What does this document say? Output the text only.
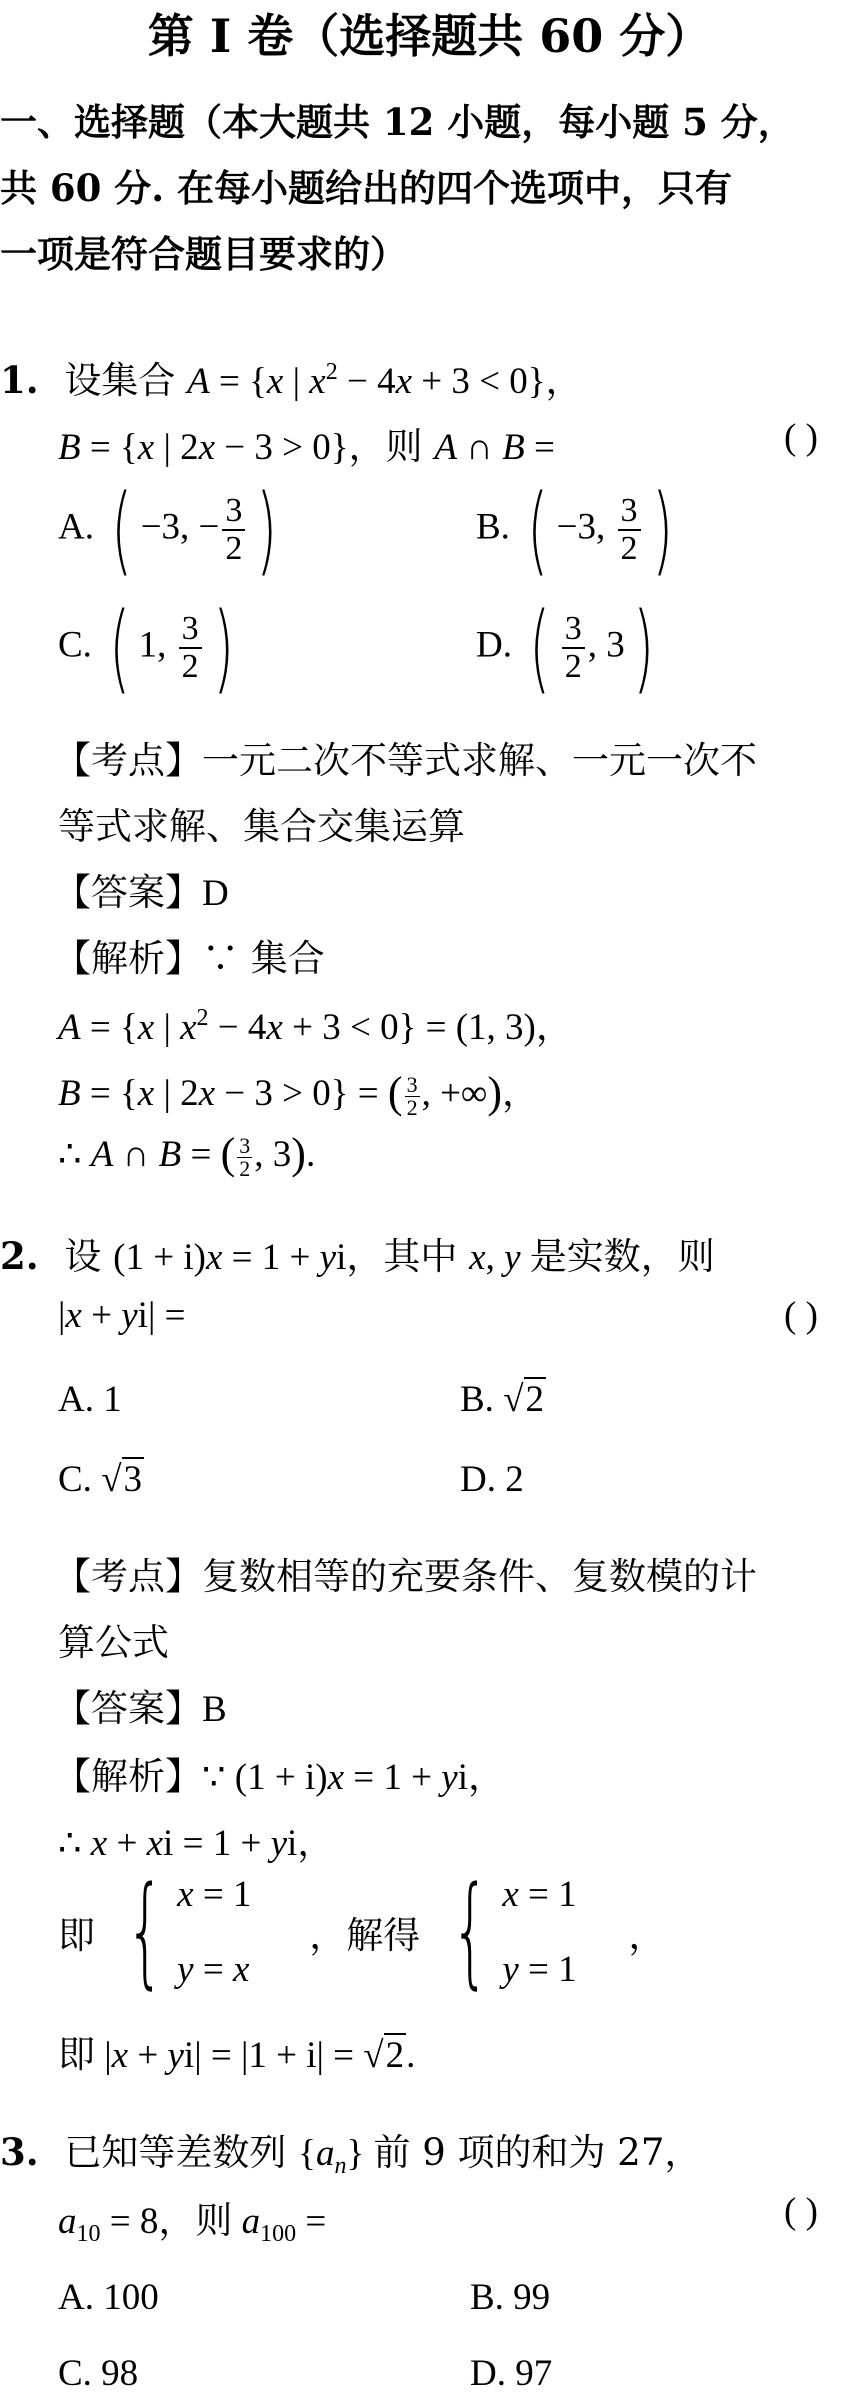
第 I 卷（选择题共 60 分）
一、选择题（本大题共 12 小题，每小题 5 分，
共 60 分. 在每小题给出的四个选项中，只有
一项是符合题目要求的）
1. 设集合 A = {x | $x^2 - 4x + 3 < 0$}，
B = {x | 2x − 3 > 0}，则 A ∩ B =	( )
A. ( −3, − $\frac{3}{2}$ )	B. ( −3, $\frac{3}{2}$ )
C. ( 1, $\frac{3}{2}$ )	D. ( $\frac{3}{2}$ , 3)
【考点】一元二次不等式求解、一元一次不
等式求解、集合交集运算
【答案】D
【解析】∵ 集合
A = {x | $x^2 - 4x + 3 < 0\} = (1$, 3)，
B = {x | 2x − 3 > 0} = ( $\frac{3}{2}$ , +∞)，
∴ A ∩ B = ( $\frac{3}{2}$ , 3).
2. 设 (1 + i)x = 1 + yi，其中 x, y 是实数，则
|x + yi| =	( )
A. 1	B. √2
C. √3	D. 2
【考点】复数相等的充要条件、复数模的计
算公式
【答案】B
【解析】∵ (1 + i)x = 1 + yi，
∴ x + xi = 1 + yi，
即 { x = 1
y = x
，解得 { x = 1
y = 1
，
即 |x + yi| = |1 + i| = √2.
3. 已知等差数列 $\{a_n\}$ 前 9 项的和为 27，
$a_{10} = 8$，则 $a_{100}$ =	( )
A. 100	B. 99
C. 98	D. 97
